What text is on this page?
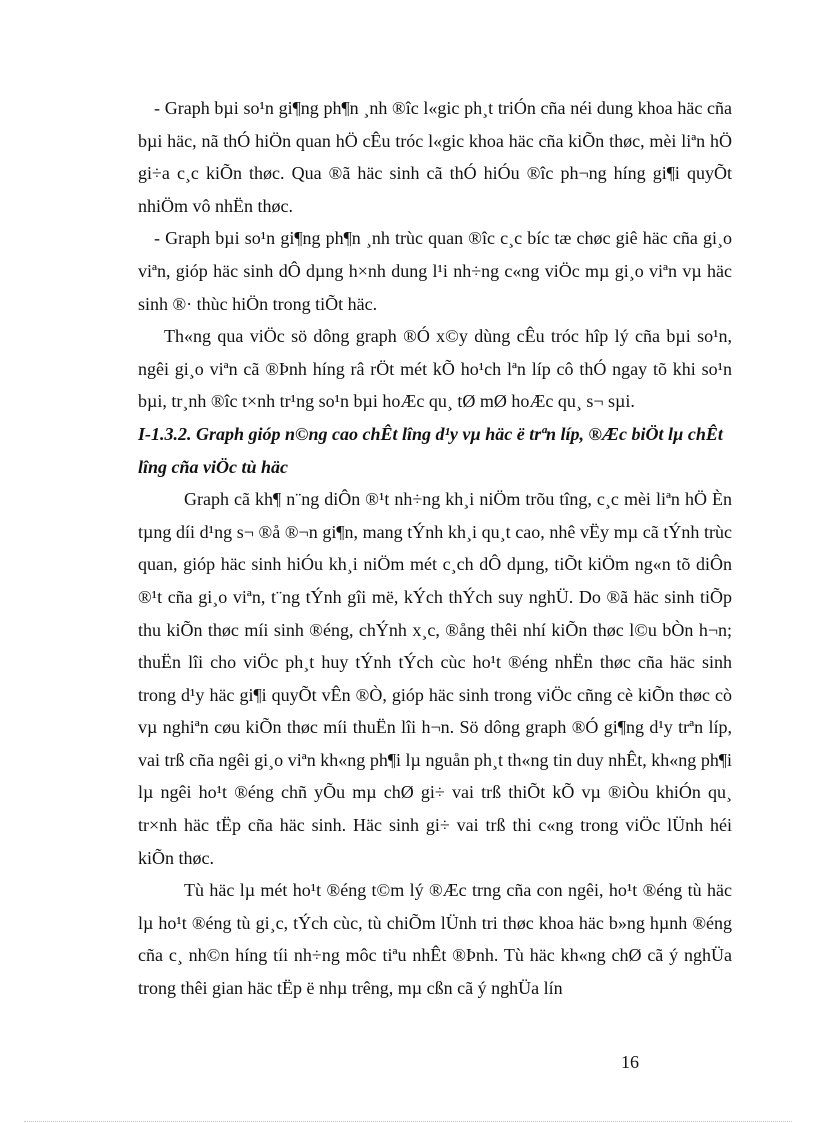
- Graph bµi so¹n gi¶ng ph¶n ¸nh ®îc l«gic ph¸t triÓn cña néi dung khoa häc cña bµi häc, nã thÓ hiÖn quan hÖ cÊu tróc l«gic khoa häc cña kiÕn thøc, mèi liªn hÖ gi÷a c¸c kiÕn thøc. Qua ®ã häc sinh cã thÓ hiÓu ®îc ph¬ng híng gi¶i quyÕt nhiÖm vô nhËn thøc.

- Graph bµi so¹n gi¶ng ph¶n ¸nh trùc quan ®îc c¸c bíc tæ chøc giê häc cña gi¸o viªn, gióp häc sinh dÔ dµng h×nh dung l¹i nh÷ng c«ng viÖc mµ gi¸o viªn vµ häc sinh ®· thùc hiÖn trong tiÕt häc.

Th«ng qua viÖc sö dông graph ®Ó x©y dùng cÊu tróc hîp lý cña bµi so¹n, ngêi gi¸o viªn cã ®Þnh híng râ rÖt mét kÕ ho¹ch lªn líp cô thÓ ngay tõ khi so¹n bµi, tr¸nh ®îc t×nh tr¹ng so¹n bµi hoÆc qu¸ tØ mØ hoÆc qu¸ s¬ sµi.

I-1.3.2. Graph gióp n©ng cao chÊt lîng d¹y vµ häc ë trªn líp, ®Æc biÖt lµ chÊt lîng cña viÖc tù häc

Graph cã kh¶ n¨ng diÔn ®¹t nh÷ng kh¸i niÖm trõu tîng, c¸c mèi liªn hÖ Èn tµng díi d¹ng s¬ ®å ®¬n gi¶n, mang tÝnh kh¸i qu¸t cao, nhê vËy mµ cã tÝnh trùc quan, gióp häc sinh hiÓu kh¸i niÖm mét c¸ch dÔ dµng, tiÕt kiÖm ng«n tõ diÔn ®¹t cña gi¸o viªn, t¨ng tÝnh gîi më, kÝch thÝch suy nghÜ. Do ®ã häc sinh tiÕp thu kiÕn thøc míi sinh ®éng, chÝnh x¸c, ®ång thêi nhí kiÕn thøc l©u bÒn h¬n; thuËn lîi cho viÖc ph¸t huy tÝnh tÝch cùc ho¹t ®éng nhËn thøc cña häc sinh trong d¹y häc gi¶i quyÕt vÊn ®Ò, gióp häc sinh trong viÖc cñng cè kiÕn thøc cò vµ nghiªn cøu kiÕn thøc míi thuËn lîi h¬n. Sö dông graph ®Ó gi¶ng d¹y trªn líp, vai trß cña ngêi gi¸o viªn kh«ng ph¶i lµ nguån ph¸t th«ng tin duy nhÊt, kh«ng ph¶i lµ ngêi ho¹t ®éng chñ yÕu mµ chØ gi÷ vai trß thiÕt kÕ vµ ®iÒu khiÓn qu¸ tr×nh häc tËp cña häc sinh. Häc sinh gi÷ vai trß thi c«ng trong viÖc lÜnh héi kiÕn thøc.

Tù häc lµ mét ho¹t ®éng t©m lý ®Æc trng cña con ngêi, ho¹t ®éng tù häc lµ ho¹t ®éng tù gi¸c, tÝch cùc, tù chiÕm lÜnh tri thøc khoa häc b»ng hµnh ®éng cña c¸ nh©n híng tíi nh÷ng môc tiªu nhÊt ®Þnh. Tù häc kh«ng chØ cã ý nghÜa trong thêi gian häc tËp ë nhµ trêng, mµ cßn cã ý nghÜa lín

16
